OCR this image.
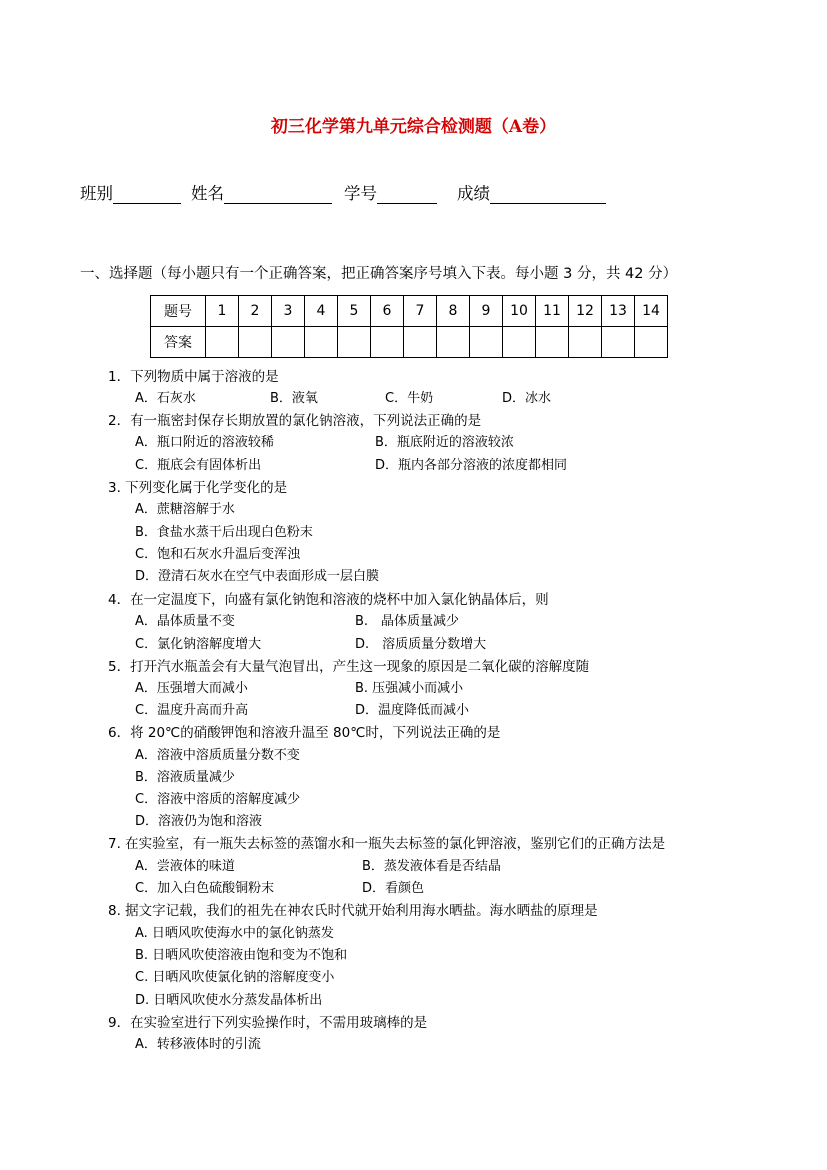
初三化学第九单元综合检测题（A卷）
班别	姓名	学号	成绩
一、选择题（每小题只有一个正确答案，把正确答案序号填入下表。每小题 3 分，共 42 分）
题号	1	2	3	4	5	6	7	8	9	10	11	12	13	14
答案														
1．下列物质中属于溶液的是
A．石灰水	B．液氧	C．牛奶	D．冰水
2．有一瓶密封保存长期放置的氯化钠溶液，下列说法正确的是
A．瓶口附近的溶液较稀	B．瓶底附近的溶液较浓
C．瓶底会有固体析出	D．瓶内各部分溶液的浓度都相同
3. 下列变化属于化学变化的是
A．蔗糖溶解于水
B．食盐水蒸干后出现白色粉末
C．饱和石灰水升温后变浑浊
D．澄清石灰水在空气中表面形成一层白膜
4．在一定温度下，向盛有氯化钠饱和溶液的烧杯中加入氯化钠晶体后，则
A．晶体质量不变	B.　晶体质量减少
C．氯化钠溶解度增大	D.　溶质质量分数增大
5．打开汽水瓶盖会有大量气泡冒出，产生这一现象的原因是二氧化碳的溶解度随
A．压强增大而减小	B. 压强减小而减小
C．温度升高而升高	D．温度降低而减小
6．将 20℃的硝酸钾饱和溶液升温至 80℃时，下列说法正确的是
A．溶液中溶质质量分数不变
B．溶液质量减少
C．溶液中溶质的溶解度减少
D．溶液仍为饱和溶液
7. 在实验室，有一瓶失去标签的蒸馏水和一瓶失去标签的氯化钾溶液，鉴别它们的正确方法是
A．尝液体的味道	B．蒸发液体看是否结晶
C．加入白色硫酸铜粉末	D．看颜色
8. 据文字记载，我们的祖先在神农氏时代就开始利用海水晒盐。海水晒盐的原理是
A. 日晒风吹使海水中的氯化钠蒸发
B. 日晒风吹使溶液由饱和变为不饱和
C. 日晒风吹使氯化钠的溶解度变小
D. 日晒风吹使水分蒸发晶体析出
9．在实验室进行下列实验操作时，不需用玻璃棒的是
A．转移液体时的引流
